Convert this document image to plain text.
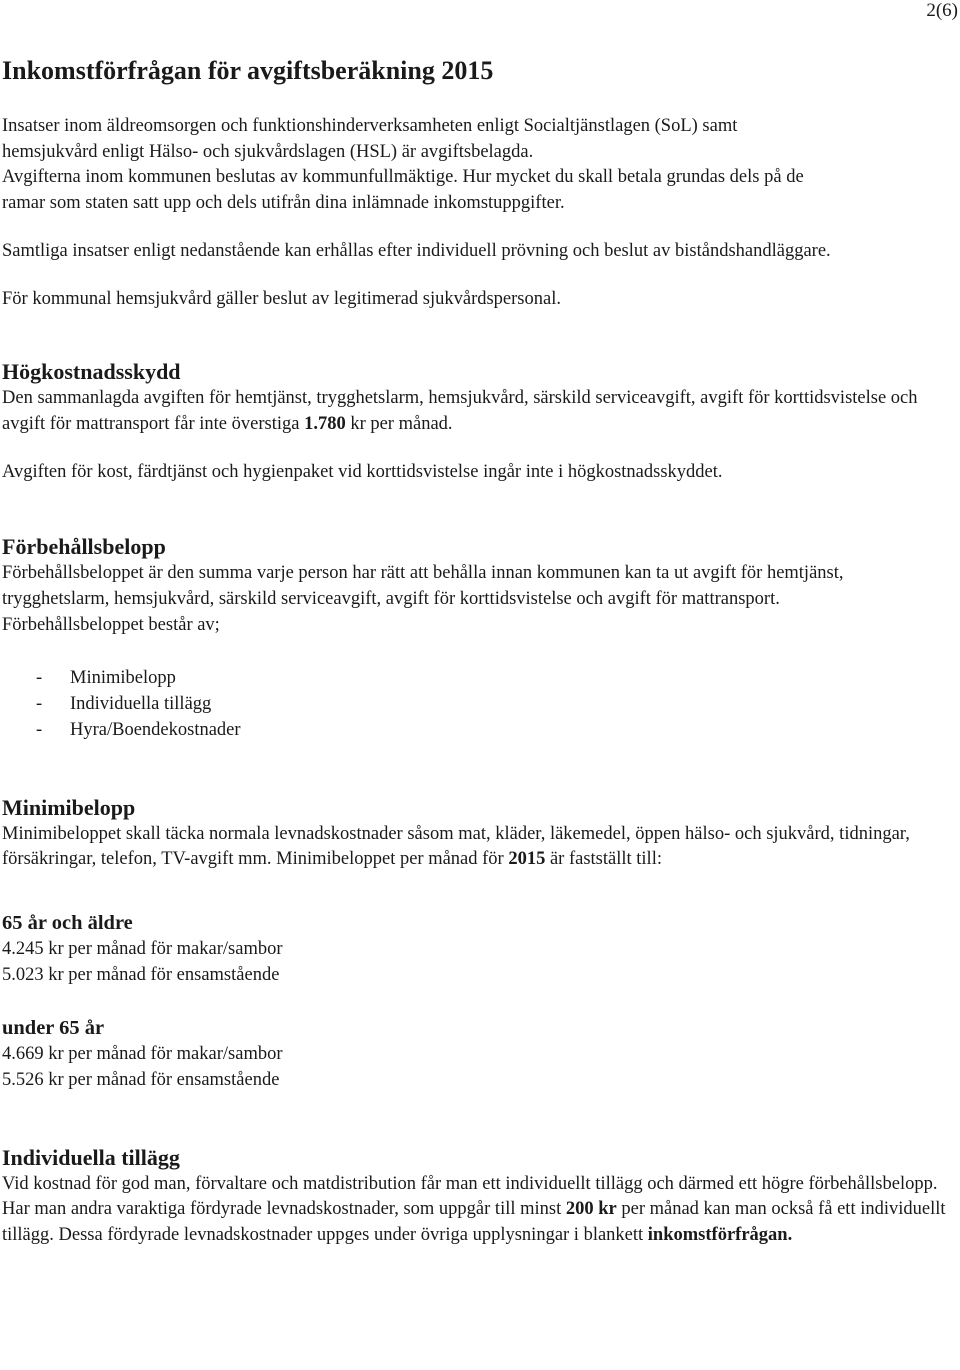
2(6)
Inkomstförfrågan för avgiftsberäkning 2015

Insatser inom äldreomsorgen och funktionshinderverksamheten enligt Socialtjänstlagen (SoL) samt
hemsjukvård enligt Hälso- och sjukvårdslagen (HSL) är avgiftsbelagda.
Avgifterna inom kommunen beslutas av kommunfullmäktige. Hur mycket du skall betala grundas dels på de
ramar som staten satt upp och dels utifrån dina inlämnade inkomstuppgifter.

Samtliga insatser enligt nedanstående kan erhållas efter individuell prövning och beslut av biståndshandläggare.

För kommunal hemsjukvård gäller beslut av legitimerad sjukvårdspersonal.

Högkostnadsskydd

Den sammanlagda avgiften för hemtjänst, trygghetslarm, hemsjukvård, särskild serviceavgift, avgift för korttidsvistelse och avgift för mattransport får inte överstiga 1.780 kr per månad.

Avgiften för kost, färdtjänst och hygienpaket vid korttidsvistelse ingår inte i högkostnadsskyddet.

Förbehållsbelopp

Förbehållsbeloppet är den summa varje person har rätt att behålla innan kommunen kan ta ut avgift för hemtjänst, trygghetslarm, hemsjukvård, särskild serviceavgift, avgift för korttidsvistelse och avgift för mattransport.

Förbehållsbeloppet består av;

- Minimibelopp
- Individuella tillägg
- Hyra/Boendekostnader
Minimibelopp

Minimibeloppet skall täcka normala levnadskostnader såsom mat, kläder, läkemedel, öppen hälso- och sjukvård, tidningar, försäkringar, telefon, TV-avgift mm. Minimibeloppet per månad för 2015 är fastställt till:

65 år och äldre

4.245 kr per månad för makar/sambor

5.023 kr per månad för ensamstående

under 65 år

4.669 kr per månad för makar/sambor

5.526 kr per månad för ensamstående

Individuella tillägg

Vid kostnad för god man, förvaltare och matdistribution får man ett individuellt tillägg och därmed ett högre förbehållsbelopp. Har man andra varaktiga fördyrade levnadskostnader, som uppgår till minst 200 kr per månad kan man också få ett individuellt tillägg. Dessa fördyrade levnadskostnader uppges under övriga upplysningar i blankett inkomstförfrågan.
